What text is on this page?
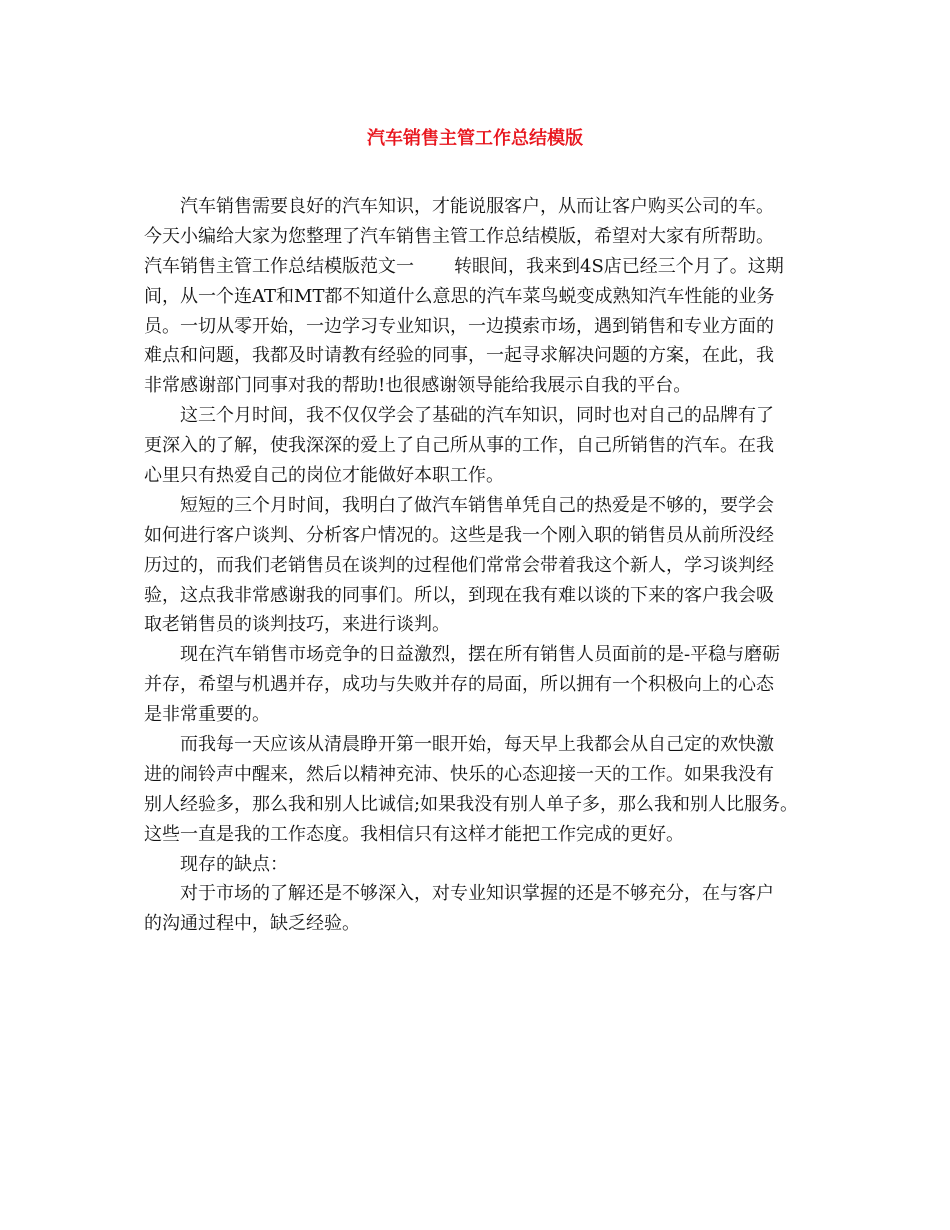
汽车销售主管工作总结模版
汽车销售需要良好的汽车知识，才能说服客户，从而让客户购买公司的车。
今天小编给大家为您整理了汽车销售主管工作总结模版，希望对大家有所帮助。
汽车销售主管工作总结模版范文一 转眼间，我来到4S店已经三个月了。这期
间，从一个连AT和MT都不知道什么意思的汽车菜鸟蜕变成熟知汽车性能的业务
员。一切从零开始，一边学习专业知识，一边摸索市场，遇到销售和专业方面的
难点和问题，我都及时请教有经验的同事，一起寻求解决问题的方案，在此，我
非常感谢部门同事对我的帮助!也很感谢领导能给我展示自我的平台。
这三个月时间，我不仅仅学会了基础的汽车知识，同时也对自己的品牌有了
更深入的了解，使我深深的爱上了自己所从事的工作，自己所销售的汽车。在我
心里只有热爱自己的岗位才能做好本职工作。
短短的三个月时间，我明白了做汽车销售单凭自己的热爱是不够的，要学会
如何进行客户谈判、分析客户情况的。这些是我一个刚入职的销售员从前所没经
历过的，而我们老销售员在谈判的过程他们常常会带着我这个新人，学习谈判经
验，这点我非常感谢我的同事们。所以，到现在我有难以谈的下来的客户我会吸
取老销售员的谈判技巧，来进行谈判。
现在汽车销售市场竞争的日益激烈，摆在所有销售人员面前的是-平稳与磨砺
并存，希望与机遇并存，成功与失败并存的局面，所以拥有一个积极向上的心态
是非常重要的。
而我每一天应该从清晨睁开第一眼开始，每天早上我都会从自己定的欢快激
进的闹铃声中醒来，然后以精神充沛、快乐的心态迎接一天的工作。如果我没有
别人经验多，那么我和别人比诚信;如果我没有别人单子多，那么我和别人比服务。
这些一直是我的工作态度。我相信只有这样才能把工作完成的更好。
现存的缺点：
对于市场的了解还是不够深入，对专业知识掌握的还是不够充分，在与客户
的沟通过程中，缺乏经验。
